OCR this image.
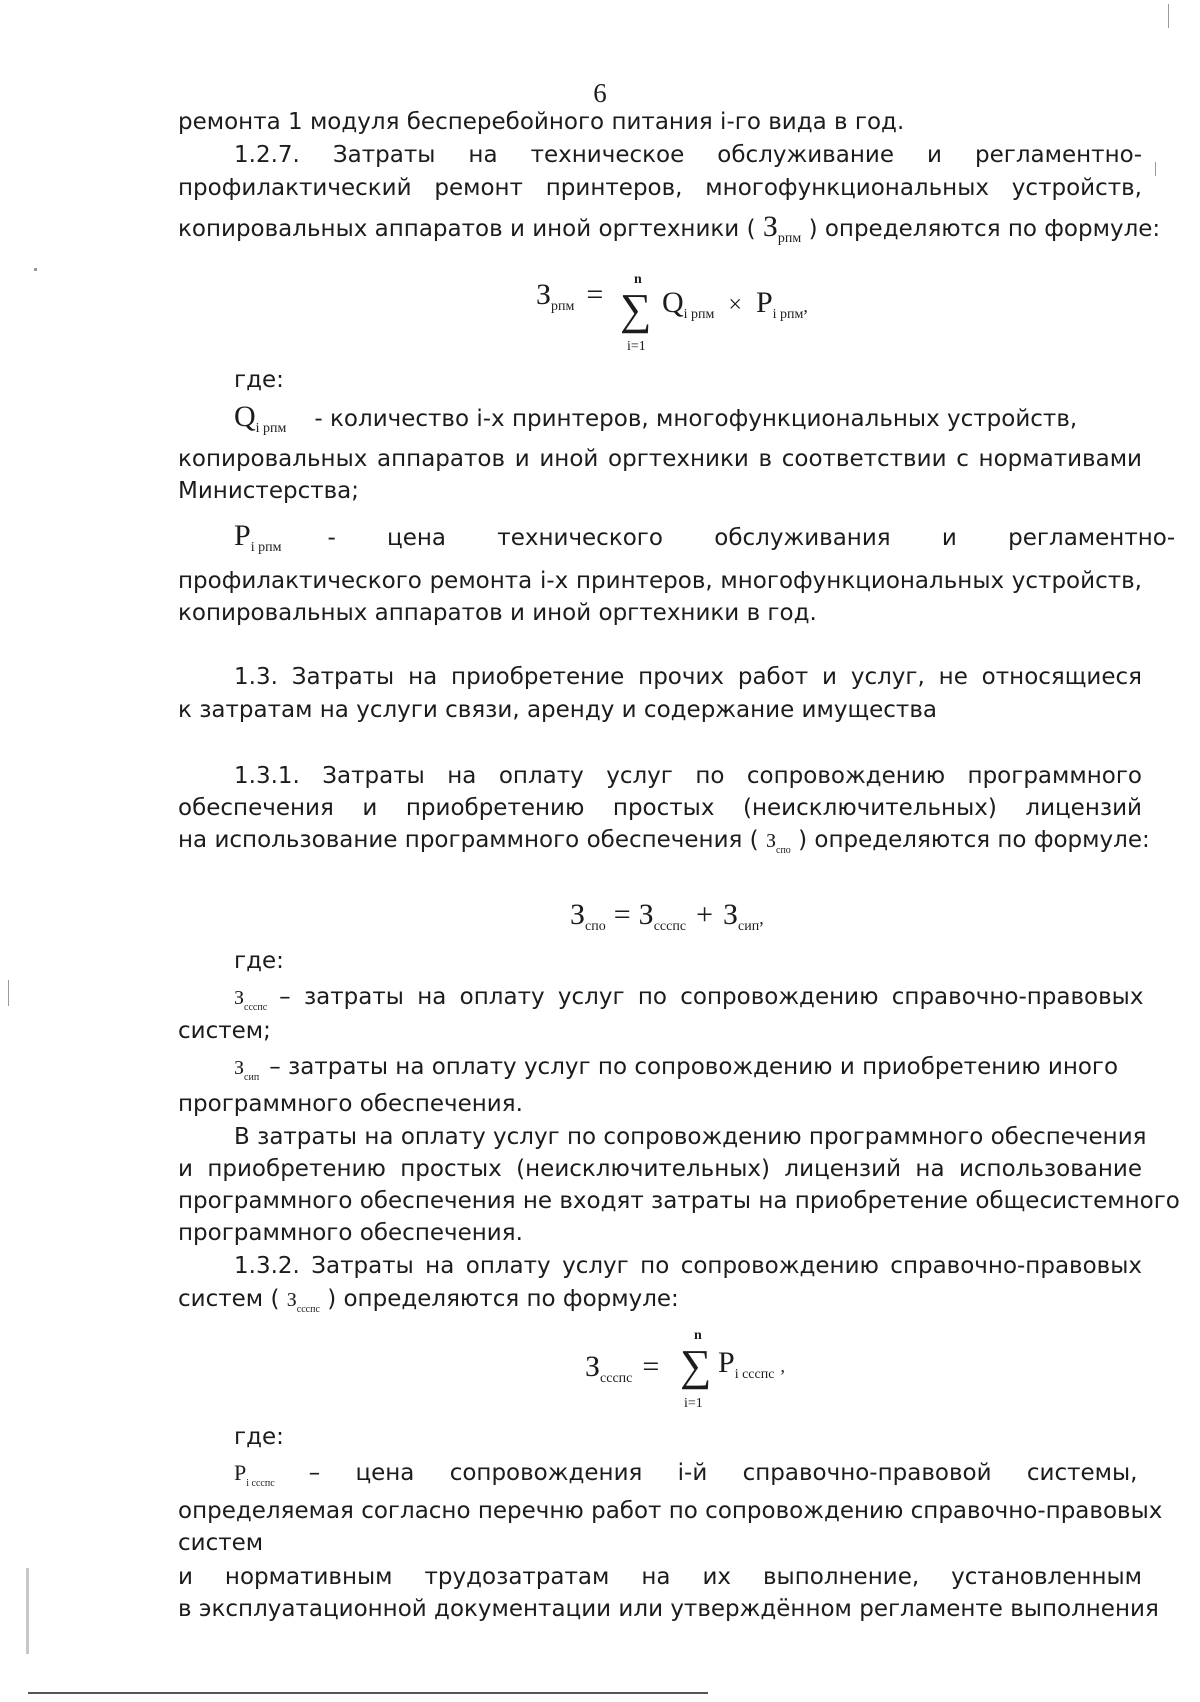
6
ремонта 1 модуля бесперебойного питания i-го вида в год.
1.2.7. Затраты на техническое обслуживание и регламентно-
профилактический ремонт принтеров, многофункциональных устройств,
копировальных аппаратов и иной оргтехники ( $З_{рпм}$ ) определяются по формуле:
Зрпм =	n
∑
i=1
Qi рпм × Pi рпм,
где:
$Q_{i рпм}$ - количество i-х принтеров, многофункциональных устройств,
копировальных аппаратов и иной оргтехники в соответствии с нормативами
Министерства;
$P_{i рпм}$ - цена технического обслуживания и регламентно-
профилактического ремонта i-х принтеров, многофункциональных устройств,
копировальных аппаратов и иной оргтехники в год.
1.3. Затраты на приобретение прочих работ и услуг, не относящиеся
к затратам на услуги связи, аренду и содержание имущества
1.3.1. Затраты на оплату услуг по сопровождению программного
обеспечения и приобретению простых (неисключительных) лицензий
на использование программного обеспечения ( $З_{спо}$ ) определяются по формуле:
Зспо = Зссспс + Зсип,
где:
$З_{ссспс}$ – затраты на оплату услуг по сопровождению справочно-правовых
систем;
$З_{сип}$ – затраты на оплату услуг по сопровождению и приобретению иного
программного обеспечения.
В затраты на оплату услуг по сопровождению программного обеспечения
и приобретению простых (неисключительных) лицензий на использование
программного обеспечения не входят затраты на приобретение общесистемного
программного обеспечения.
1.3.2. Затраты на оплату услуг по сопровождению справочно-правовых
систем ( $З_{ссспс}$ ) определяются по формуле:
n
Зссспс = ∑
i=1
Pi ссспс ,
где:
$P_{i ссспс}$ – цена сопровождения i-й справочно-правовой системы,
определяемая согласно перечню работ по сопровождению справочно-правовых
систем
и нормативным трудозатратам на их выполнение, установленным
в эксплуатационной документации или утверждённом регламенте выполнения
